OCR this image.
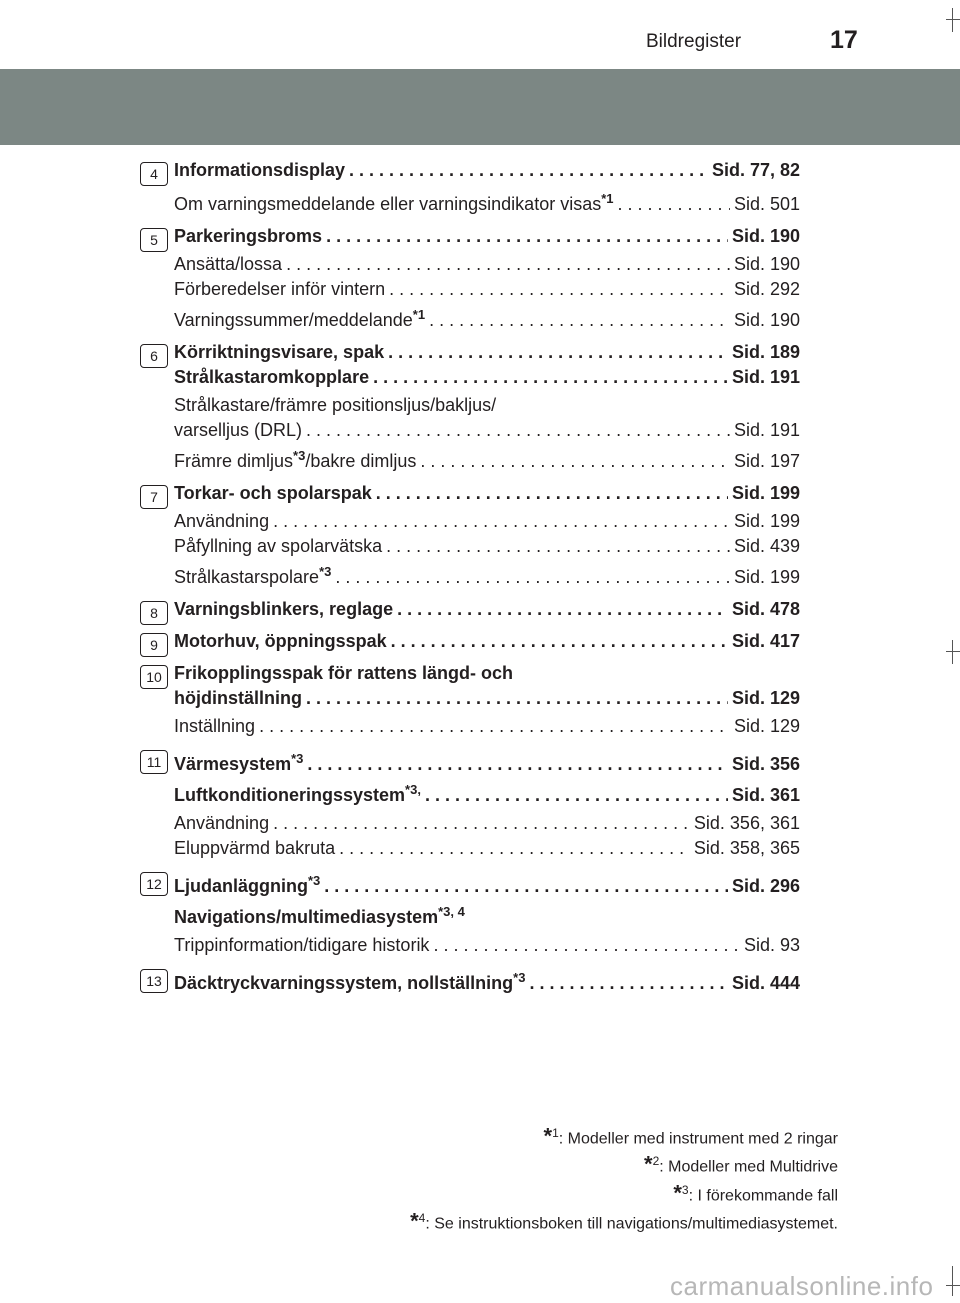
Bildregister	17
4 Informationsdisplay . . .	Sid. 77, 82
Om varningsmeddelande eller varningsindikator visas$^{*1}$ . . .	Sid. 501
5 Parkeringsbroms . . .	Sid. 190
Ansätta/lossa . . .	Sid. 190
Förberedelser inför vintern . . .	Sid. 292
Varningssummer/meddelande$^{*1}$ . . .	Sid. 190
6 Körriktningsvisare, spak . . .	Sid. 189
Strålkastaromkopplare . . .	Sid. 191
Strålkastare/främre positionsljus/bakljus/
varselljus (DRL) . . .	Sid. 191
Främre dimljus$^{*3}$/bakre dimljus . . .	Sid. 197
7 Torkar- och spolarspak . . .	Sid. 199
Användning . . .	Sid. 199
Påfyllning av spolarvätska . . .	Sid. 439
Strålkastarspolare$^{*3}$ . . .	Sid. 199
8 Varningsblinkers, reglage . . .	Sid. 478
9 Motorhuv, öppningsspak . . .	Sid. 417
10 Frikopplingsspak för rattens längd- och
höjdinställning . . .	Sid. 129
Inställning . . .	Sid. 129
11 Värmesystem$^{*3}$ . . .	Sid. 356
Luftkonditioneringssystem$^{*3,}$ . . .	Sid. 361
Användning . . .	Sid. 356, 361
Eluppvärmd bakruta . . .	Sid. 358, 365
12 Ljudanläggning$^{*3}$ . . .	Sid. 296
Navigations/multimediasystem$^{*3, 4}$
Trippinformation/tidigare historik . . .	Sid. 93
13 Däcktryckvarningssystem, nollställning$^{*3}$ . . .	Sid. 444
*$^1$: Modeller med instrument med 2 ringar
*$^2$: Modeller med Multidrive
*$^3$: I förekommande fall
*$^4$: Se instruktionsboken till navigations/multimediasystemet.
carmanualsonline.info
